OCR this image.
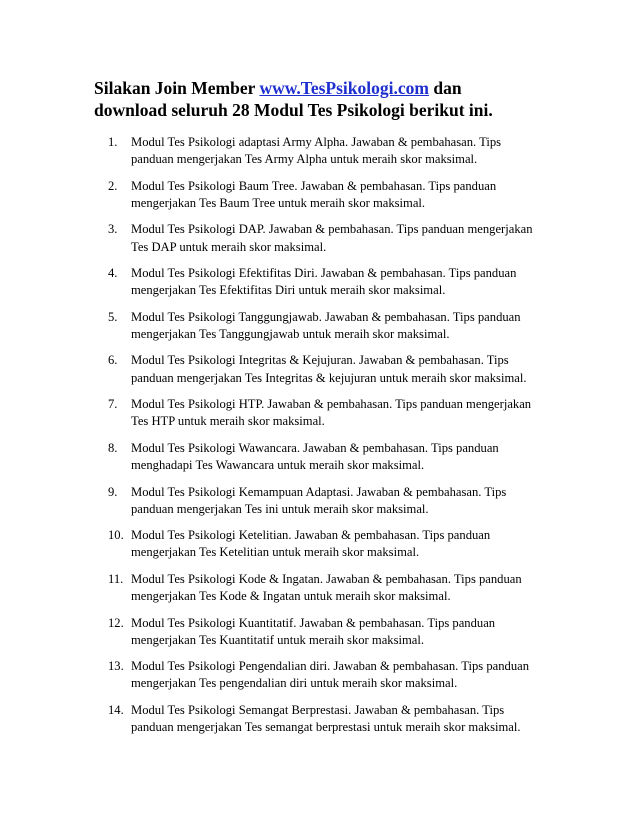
Silakan Join Member www.TesPsikologi.com dan
download seluruh 28 Modul Tes Psikologi berikut ini.
1.	Modul Tes Psikologi adaptasi Army Alpha. Jawaban & pembahasan. Tips panduan mengerjakan Tes Army Alpha untuk meraih skor maksimal.
2.	Modul Tes Psikologi Baum Tree. Jawaban & pembahasan. Tips panduan mengerjakan Tes Baum Tree untuk meraih skor maksimal.
3.	Modul Tes Psikologi DAP. Jawaban & pembahasan. Tips panduan mengerjakan Tes DAP untuk meraih skor maksimal.
4.	Modul Tes Psikologi Efektifitas Diri. Jawaban & pembahasan. Tips panduan mengerjakan Tes Efektifitas Diri untuk meraih skor maksimal.
5.	Modul Tes Psikologi Tanggungjawab. Jawaban & pembahasan. Tips panduan mengerjakan Tes Tanggungjawab untuk meraih skor maksimal.
6.	Modul Tes Psikologi Integritas & Kejujuran. Jawaban & pembahasan. Tips panduan mengerjakan Tes Integritas & kejujuran untuk meraih skor maksimal.
7.	Modul Tes Psikologi HTP. Jawaban & pembahasan. Tips panduan mengerjakan Tes HTP untuk meraih skor maksimal.
8.	Modul Tes Psikologi Wawancara. Jawaban & pembahasan. Tips panduan menghadapi Tes Wawancara untuk meraih skor maksimal.
9.	Modul Tes Psikologi Kemampuan Adaptasi. Jawaban & pembahasan. Tips panduan mengerjakan Tes ini untuk meraih skor maksimal.
10. Modul Tes Psikologi Ketelitian. Jawaban & pembahasan. Tips panduan mengerjakan Tes Ketelitian untuk meraih skor maksimal.
11. Modul Tes Psikologi Kode & Ingatan. Jawaban & pembahasan. Tips panduan mengerjakan Tes Kode & Ingatan untuk meraih skor maksimal.
12. Modul Tes Psikologi Kuantitatif. Jawaban & pembahasan. Tips panduan mengerjakan Tes Kuantitatif untuk meraih skor maksimal.
13. Modul Tes Psikologi Pengendalian diri. Jawaban & pembahasan. Tips panduan mengerjakan Tes pengendalian diri untuk meraih skor maksimal.
14. Modul Tes Psikologi Semangat Berprestasi. Jawaban & pembahasan. Tips panduan mengerjakan Tes semangat berprestasi untuk meraih skor maksimal.
